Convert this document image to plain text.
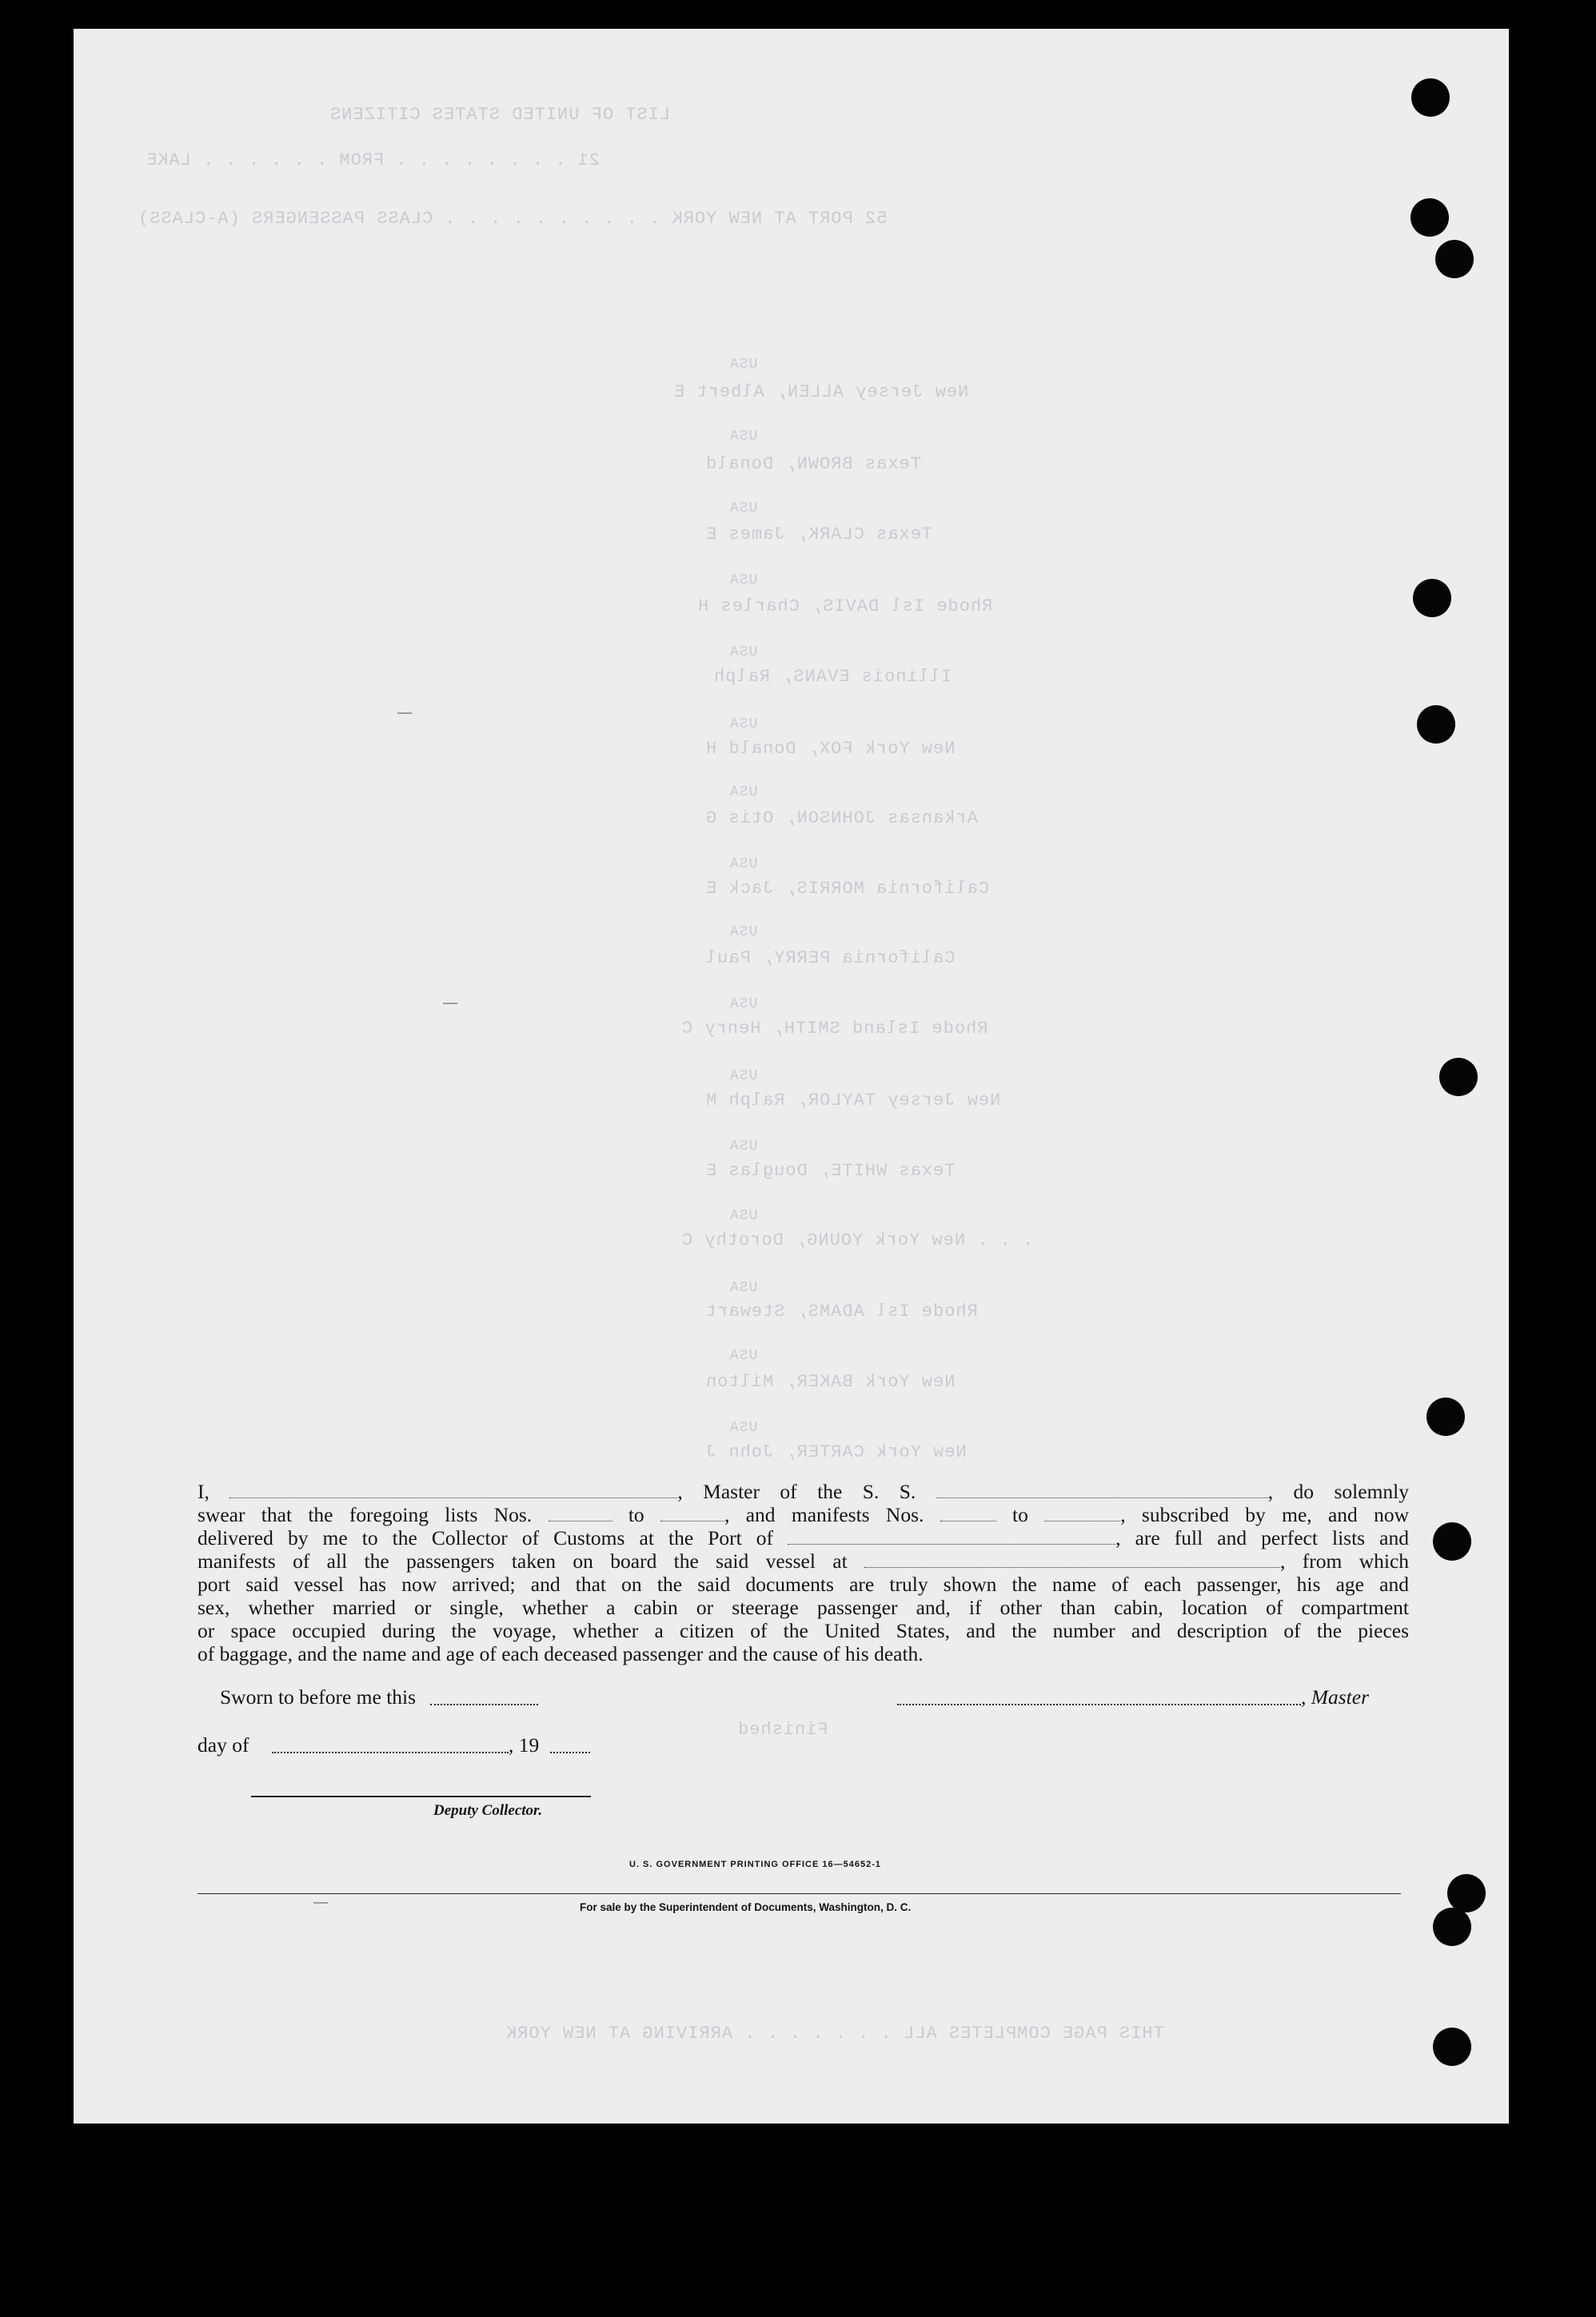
LIST OF UNITED STATES CITIZENS
21 . . . . . . . . FROM . . . . . . LAKE
52 PORT AT NEW YORK . . . . . . . . . . CLASS PASSENGERS (A-CLASS)
USA
New Jersey ALLEN, Albert E
USA
Texas BROWN, Donald
USA
Texas CLARK, James E
USA
Rhode Isl DAVIS, Charles H
USA
Illinois EVANS, Ralph
USA
New York FOX, Donald H
USA
Arkansas JOHNSON, Otis G
USA
California MORRIS, Jack E
USA
California PERRY, Paul
USA
Rhode Island SMITH, Henry C
USA
New Jersey TAYLOR, Ralph M
USA
Texas WHITE, Douglas E
USA
. . . New York YOUNG, Dorothy C
USA
Rhode Isl ADAMS, Stewart
USA
New York BAKER, Milton
USA
New York CARTER, John J
Finished
THIS PAGE COMPLETES ALL . . . . . . . ARRIVING AT NEW YORK
I,	, Master of the S. S.	, do solemnly
swear that the foregoing lists Nos.	to	, and manifests Nos.	to	, subscribed by me, and now
delivered by me to the Collector of Customs at the Port of	, are full and perfect lists and
manifests of all the passengers taken on board the said vessel at	, from which
port said vessel has now arrived; and that on the said documents are truly shown the name of each passenger, his age and
sex, whether married or single, whether a cabin or steerage passenger and, if other than cabin, location of compartment
or space occupied during the voyage, whether a citizen of the United States, and the number and description of the pieces
of baggage, and the name and age of each deceased passenger and the cause of his death.
Sworn to before me this	, Master
day of	, 19
Deputy Collector.
U. S. GOVERNMENT PRINTING OFFICE 16—54652-1
For sale by the Superintendent of Documents, Washington, D. C.
